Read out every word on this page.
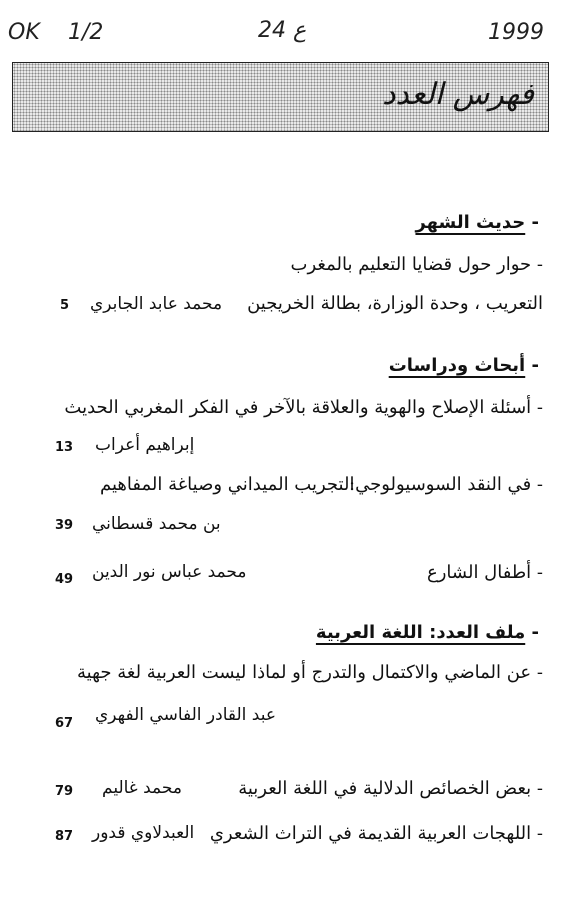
OK 1/2	24 ع	1999
فهرس العدد
- حديث الشهر
- حوار حول قضايا التعليم بالمغرب
التعريب ، وحدة الوزارة، بطالة الخريجين
محمد عابد الجابري
5
- أبحاث ودراسات
- أسئلة الإصلاح والهوية والعلاقة بالآخر في الفكر المغربي الحديث
إبراهيم أعراب
13
- في النقد السوسيولوجي:
التجريب الميداني وصياغة المفاهيم
بن محمد قسطاني
39
- أطفال الشارع
محمد عباس نور الدين
49
- ملف العدد: اللغة العربية
- عن الماضي والاكتمال والتدرج أو لماذا ليست العربية لغة جهية
عبد القادر الفاسي الفهري
67
- بعض الخصائص الدلالية في اللغة العربية
محمد غاليم
79
- اللهجات العربية القديمة في التراث الشعري
العبدلاوي قدور
87
